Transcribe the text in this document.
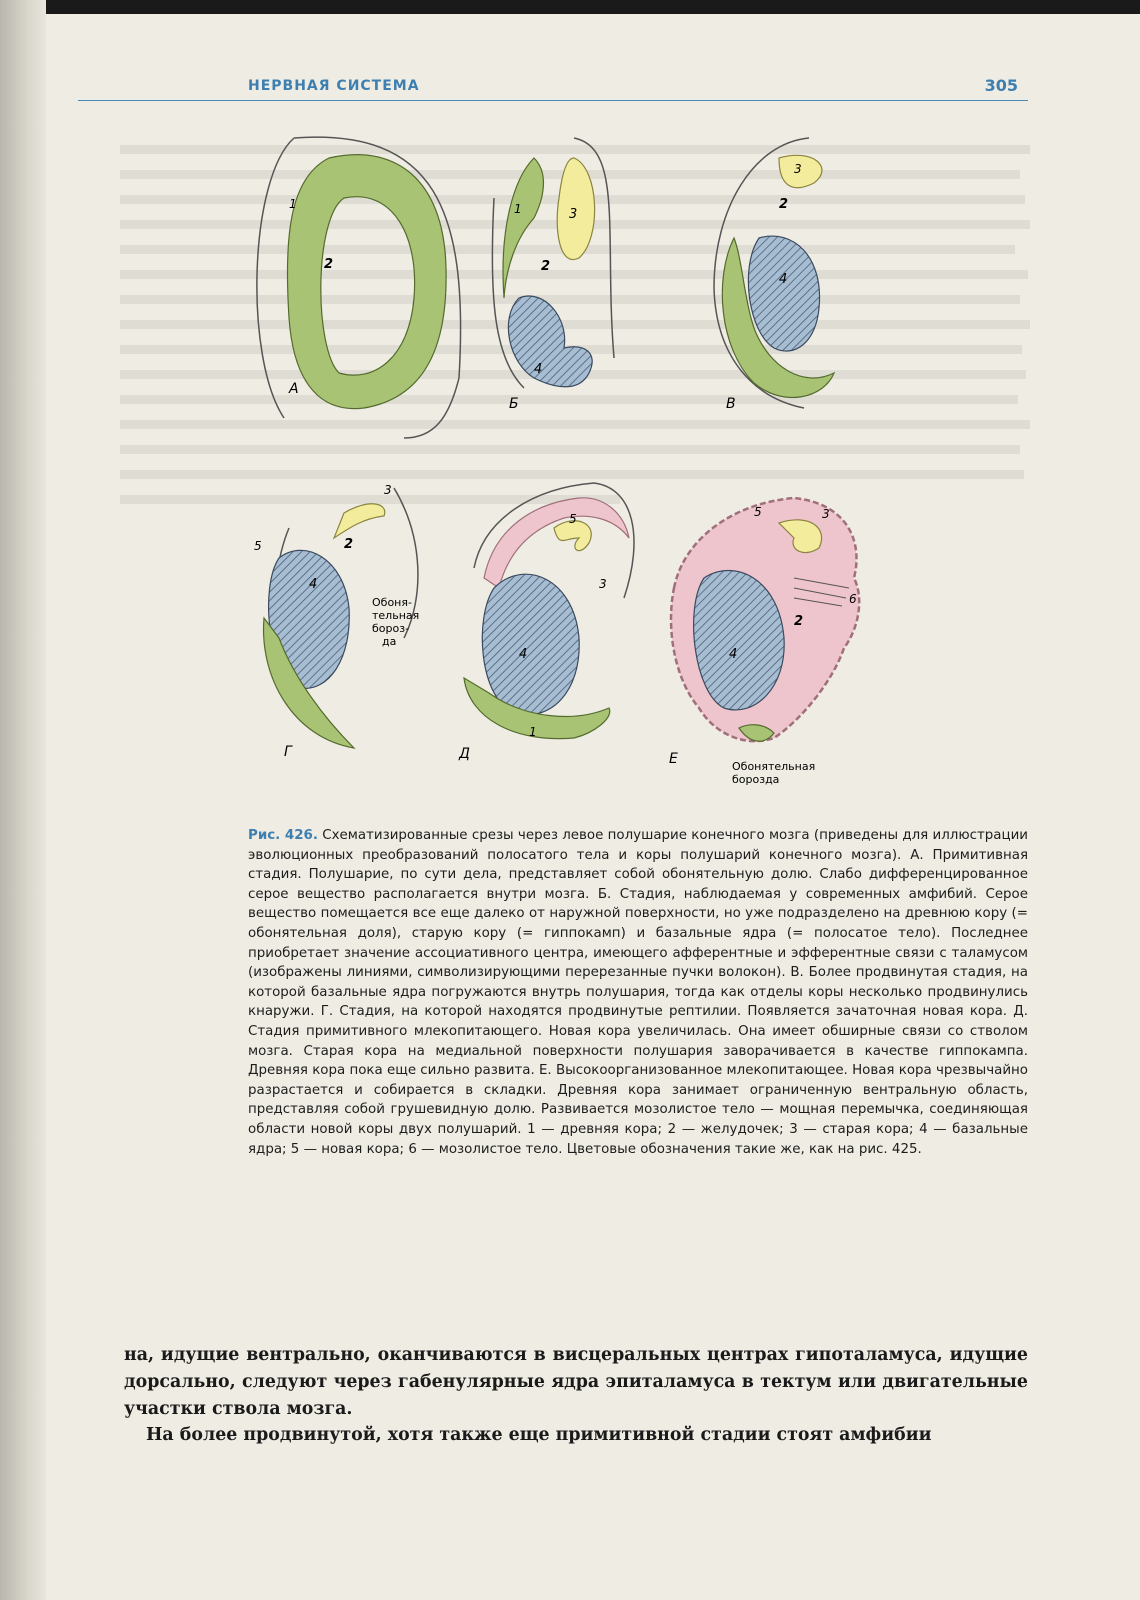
НЕРВНАЯ СИСТЕМА	305
1
2
А
1	3
2
4
Б
3
2
4
В
3
2
5
4
Обоня-
тельная
бороз-
да
Г
5
3
4
1
Д
5	3
6
2
4
Обонятельная
борозда
Е
Рис. 426. Схематизированные срезы через левое полушарие конечного мозга (приведены для иллюстрации эволюционных преобразований полосатого тела и коры полушарий конечного мозга). А. Примитивная стадия. Полушарие, по сути дела, представляет собой обонятельную долю. Слабо дифференцированное серое вещество располагается внутри мозга. Б. Стадия, наблюдаемая у современных амфибий. Серое вещество помещается все еще далеко от наружной поверхности, но уже подразделено на древнюю кору (= обонятельная доля), старую кору (= гиппокамп) и базальные ядра (= полосатое тело). Последнее приобретает значение ассоциативного центра, имеющего афферентные и эфферентные связи с таламусом (изображены линиями, символизирующими перерезанные пучки волокон). В. Более продвинутая стадия, на которой базальные ядра погружаются внутрь полушария, тогда как отделы коры несколько продвинулись кнаружи. Г. Стадия, на которой находятся продвинутые рептилии. Появляется зачаточная новая кора. Д. Стадия примитивного млекопитающего. Новая кора увеличилась. Она имеет обширные связи со стволом мозга. Старая кора на медиальной поверхности полушария заворачивается в качестве гиппокампа. Древняя кора пока еще сильно развита. Е. Высокоорганизованное млекопитающее. Новая кора чрезвычайно разрастается и собирается в складки. Древняя кора занимает ограниченную вентральную область, представляя собой грушевидную долю. Развивается мозолистое тело — мощная перемычка, соединяющая области новой коры двух полушарий. 1 — древняя кора; 2 — желудочек; 3 — старая кора; 4 — базальные ядра; 5 — новая кора; 6 — мозолистое тело. Цветовые обозначения такие же, как на рис. 425.

на, идущие вентрально, оканчиваются в висцеральных центрах гипоталамуса, идущие дорсально, следуют через габенулярные ядра эпиталамуса в тектум или двигательные участки ствола мозга.

На более продвинутой, хотя также еще примитивной стадии стоят амфибии
